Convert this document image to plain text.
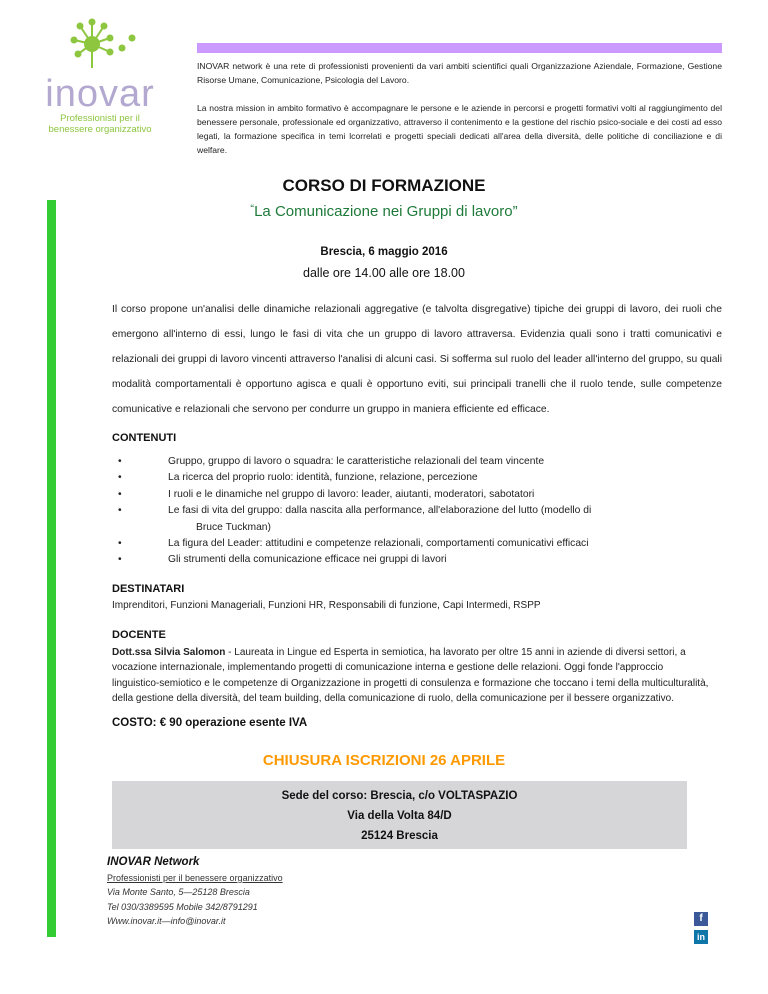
inovar
Professionisti per il
benessere organizzativo

INOVAR network è una rete di professionisti provenienti da vari ambiti scientifici quali Organizzazione Aziendale, Formazione, Gestione Risorse Umane, Comunicazione, Psicologia del Lavoro.

La nostra mission in ambito formativo è accompagnare le persone e le aziende in percorsi e progetti formativi volti al raggiungimento del benessere personale, professionale ed organizzativo, attraverso il contenimento e la gestione del rischio psico-sociale e dei costi ad esso legati, la formazione specifica in temi lcorrelati e progetti speciali dedicati all'area della diversità, delle politiche di conciliazione e di welfare.

CORSO DI FORMAZIONE
“La Comunicazione nei Gruppi di lavoro”
Brescia, 6 maggio 2016
dalle ore 14.00 alle ore 18.00
Il corso propone un'analisi delle dinamiche relazionali aggregative (e talvolta disgregative) tipiche dei gruppi di lavoro, dei ruoli che emergono all'interno di essi, lungo le fasi di vita che un gruppo di lavoro attraversa. Evidenzia quali sono i tratti comunicativi e relazionali dei gruppi di lavoro vincenti attraverso l'analisi di alcuni casi. Si sofferma sul ruolo del leader all'interno del gruppo, su quali modalità comportamentali è opportuno agisca e quali è opportuno eviti, sui principali tranelli che il ruolo tende, sulle competenze comunicative e relazionali che servono per condurre un gruppo in maniera efficiente ed efficace.
CONTENUTI
• Gruppo, gruppo di lavoro o squadra: le caratteristiche relazionali del team vincente
• La ricerca del proprio ruolo: identità, funzione, relazione, percezione
• I ruoli e le dinamiche nel gruppo di lavoro: leader, aiutanti, moderatori, sabotatori
• Le fasi di vita del gruppo: dalla nascita alla performance, all'elaborazione del lutto (modello di
Bruce Tuckman)
• La figura del Leader: attitudini e competenze relazionali, comportamenti comunicativi efficaci
• Gli strumenti della comunicazione efficace nei gruppi di lavori
DESTINATARI
Imprenditori, Funzioni Manageriali, Funzioni HR, Responsabili di funzione, Capi Intermedi, RSPP
DOCENTE
Dott.ssa Silvia Salomon - Laureata in Lingue ed Esperta in semiotica, ha lavorato per oltre 15 anni in aziende di diversi settori, a vocazione internazionale, implementando progetti di comunicazione interna e gestione delle relazioni. Oggi fonde l'approccio linguistico-semiotico e le competenze di Organizzazione in progetti di consulenza e formazione che toccano i temi della multiculturalità, della gestione della diversità, del team building, della comunicazione di ruolo, della comunicazione per il bessere organizzativo.
COSTO: € 90 operazione esente IVA
CHIUSURA ISCRIZIONI 26 APRILE
Sede del corso: Brescia, c/o VOLTASPAZIO
Via della Volta 84/D
25124 Brescia
INOVAR Network
Professionisti per il benessere organizzativo
Via Monte Santo, 5—25128 Brescia
Tel 030/3389595 Mobile 342/8791291
Www.inovar.it—info@inovar.it	f
in
